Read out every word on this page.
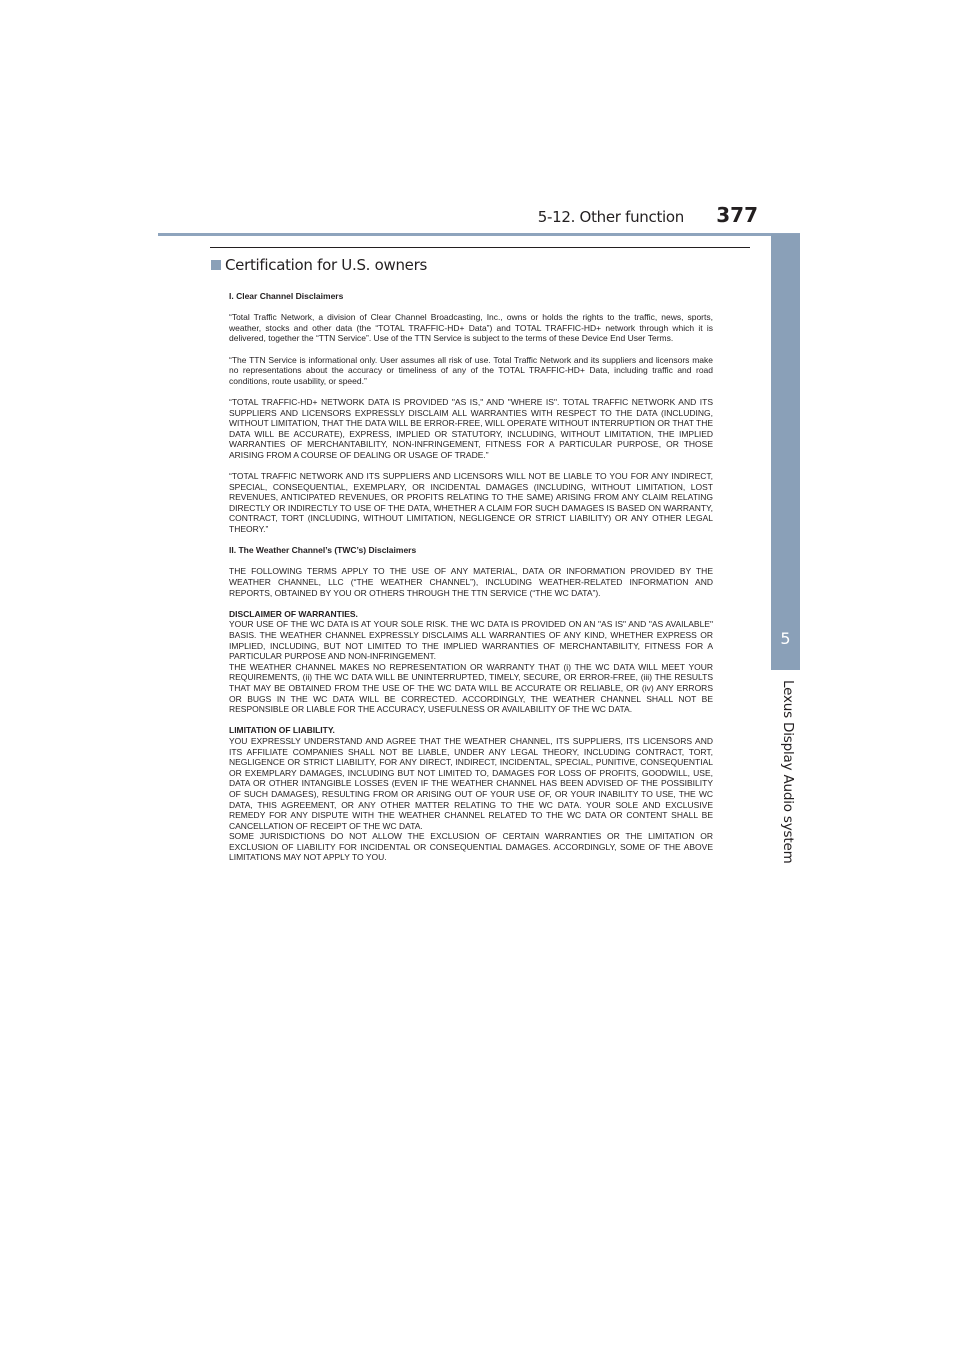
5-12. Other function 377
5
Lexus Display Audio system
Certification for U.S. owners

I. Clear Channel Disclaimers

“Total Traffic Network, a division of Clear Channel Broadcasting, Inc., owns or holds the rights to the traffic, news, sports, weather, stocks and other data (the “TOTAL TRAFFIC-HD+ Data”) and TOTAL TRAFFIC-HD+ network through which it is delivered, together the “TTN Service”. Use of the TTN Service is subject to the terms of these Device End User Terms.

“The TTN Service is informational only. User assumes all risk of use. Total Traffic Network and its suppliers and licensors make no representations about the accuracy or timeliness of any of the TOTAL TRAFFIC-HD+ Data, including traffic and road conditions, route usability, or speed.”

“TOTAL TRAFFIC-HD+ NETWORK DATA IS PROVIDED "AS IS," AND "WHERE IS". TOTAL TRAFFIC NETWORK AND ITS SUPPLIERS AND LICENSORS EXPRESSLY DISCLAIM ALL WARRANTIES WITH RESPECT TO THE DATA (INCLUDING, WITHOUT LIMITATION, THAT THE DATA WILL BE ERROR-FREE, WILL OPERATE WITHOUT INTERRUPTION OR THAT THE DATA WILL BE ACCURATE), EXPRESS, IMPLIED OR STATUTORY, INCLUDING, WITHOUT LIMITATION, THE IMPLIED WARRANTIES OF MERCHANTABILITY, NON-INFRINGEMENT, FITNESS FOR A PARTICULAR PURPOSE, OR THOSE ARISING FROM A COURSE OF DEALING OR USAGE OF TRADE.”

“TOTAL TRAFFIC NETWORK AND ITS SUPPLIERS AND LICENSORS WILL NOT BE LIABLE TO YOU FOR ANY INDIRECT, SPECIAL, CONSEQUENTIAL, EXEMPLARY, OR INCIDENTAL DAMAGES (INCLUDING, WITHOUT LIMITATION, LOST REVENUES, ANTICIPATED REVENUES, OR PROFITS RELATING TO THE SAME) ARISING FROM ANY CLAIM RELATING DIRECTLY OR INDIRECTLY TO USE OF THE DATA, WHETHER A CLAIM FOR SUCH DAMAGES IS BASED ON WARRANTY, CONTRACT, TORT (INCLUDING, WITHOUT LIMITATION, NEGLIGENCE OR STRICT LIABILITY) OR ANY OTHER LEGAL THEORY.”

II. The Weather Channel’s (TWC’s) Disclaimers

THE FOLLOWING TERMS APPLY TO THE USE OF ANY MATERIAL, DATA OR INFORMATION PROVIDED BY THE WEATHER CHANNEL, LLC (“THE WEATHER CHANNEL”), INCLUDING WEATHER-RELATED INFORMATION AND REPORTS, OBTAINED BY YOU OR OTHERS THROUGH THE TTN SERVICE (“THE WC DATA”).

DISCLAIMER OF WARRANTIES.

YOUR USE OF THE WC DATA IS AT YOUR SOLE RISK. THE WC DATA IS PROVIDED ON AN "AS IS" AND "AS AVAILABLE" BASIS. THE WEATHER CHANNEL EXPRESSLY DISCLAIMS ALL WARRANTIES OF ANY KIND, WHETHER EXPRESS OR IMPLIED, INCLUDING, BUT NOT LIMITED TO THE IMPLIED WARRANTIES OF MERCHANTABILITY, FITNESS FOR A PARTICULAR PURPOSE AND NON-INFRINGEMENT.

THE WEATHER CHANNEL MAKES NO REPRESENTATION OR WARRANTY THAT (i) THE WC DATA WILL MEET YOUR REQUIREMENTS, (ii) THE WC DATA WILL BE UNINTERRUPTED, TIMELY, SECURE, OR ERROR-FREE, (iii) THE RESULTS THAT MAY BE OBTAINED FROM THE USE OF THE WC DATA WILL BE ACCURATE OR RELIABLE, OR (iv) ANY ERRORS OR BUGS IN THE WC DATA WILL BE CORRECTED. ACCORDINGLY, THE WEATHER CHANNEL SHALL NOT BE RESPONSIBLE OR LIABLE FOR THE ACCURACY, USEFULNESS OR AVAILABILITY OF THE WC DATA.

LIMITATION OF LIABILITY.

YOU EXPRESSLY UNDERSTAND AND AGREE THAT THE WEATHER CHANNEL, ITS SUPPLIERS, ITS LICENSORS AND ITS AFFILIATE COMPANIES SHALL NOT BE LIABLE, UNDER ANY LEGAL THEORY, INCLUDING CONTRACT, TORT, NEGLIGENCE OR STRICT LIABILITY, FOR ANY DIRECT, INDIRECT, INCIDENTAL, SPECIAL, PUNITIVE, CONSEQUENTIAL OR EXEMPLARY DAMAGES, INCLUDING BUT NOT LIMITED TO, DAMAGES FOR LOSS OF PROFITS, GOODWILL, USE, DATA OR OTHER INTANGIBLE LOSSES (EVEN IF THE WEATHER CHANNEL HAS BEEN ADVISED OF THE POSSIBILITY OF SUCH DAMAGES), RESULTING FROM OR ARISING OUT OF YOUR USE OF, OR YOUR INABILITY TO USE, THE WC DATA, THIS AGREEMENT, OR ANY OTHER MATTER RELATING TO THE WC DATA. YOUR SOLE AND EXCLUSIVE REMEDY FOR ANY DISPUTE WITH THE WEATHER CHANNEL RELATED TO THE WC DATA OR CONTENT SHALL BE CANCELLATION OF RECEIPT OF THE WC DATA.

SOME JURISDICTIONS DO NOT ALLOW THE EXCLUSION OF CERTAIN WARRANTIES OR THE LIMITATION OR EXCLUSION OF LIABILITY FOR INCIDENTAL OR CONSEQUENTIAL DAMAGES. ACCORDINGLY, SOME OF THE ABOVE LIMITATIONS MAY NOT APPLY TO YOU.
